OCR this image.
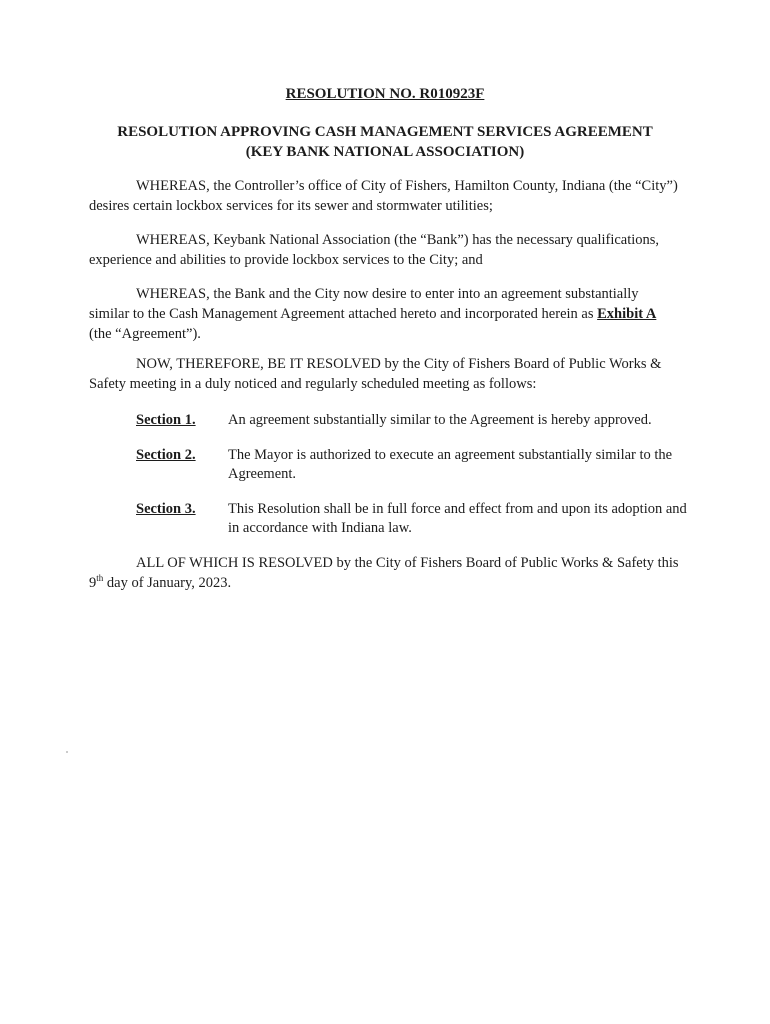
RESOLUTION NO. R010923F
RESOLUTION APPROVING CASH MANAGEMENT SERVICES AGREEMENT
(KEY BANK NATIONAL ASSOCIATION)

WHEREAS, the Controller’s office of City of Fishers, Hamilton County, Indiana (the “City”) desires certain lockbox services for its sewer and stormwater utilities;

WHEREAS, Keybank National Association (the “Bank”) has the necessary qualifications, experience and abilities to provide lockbox services to the City; and

WHEREAS, the Bank and the City now desire to enter into an agreement substantially similar to the Cash Management Agreement attached hereto and incorporated herein as Exhibit A (the “Agreement”).

NOW, THEREFORE, BE IT RESOLVED by the City of Fishers Board of Public Works & Safety meeting in a duly noticed and regularly scheduled meeting as follows:

Section 1. An agreement substantially similar to the Agreement is hereby approved.
Section 2. The Mayor is authorized to execute an agreement substantially similar to the Agreement.
Section 3. This Resolution shall be in full force and effect from and upon its adoption and in accordance with Indiana law.

ALL OF WHICH IS RESOLVED by the City of Fishers Board of Public Works & Safety this 9th day of January, 2023.
